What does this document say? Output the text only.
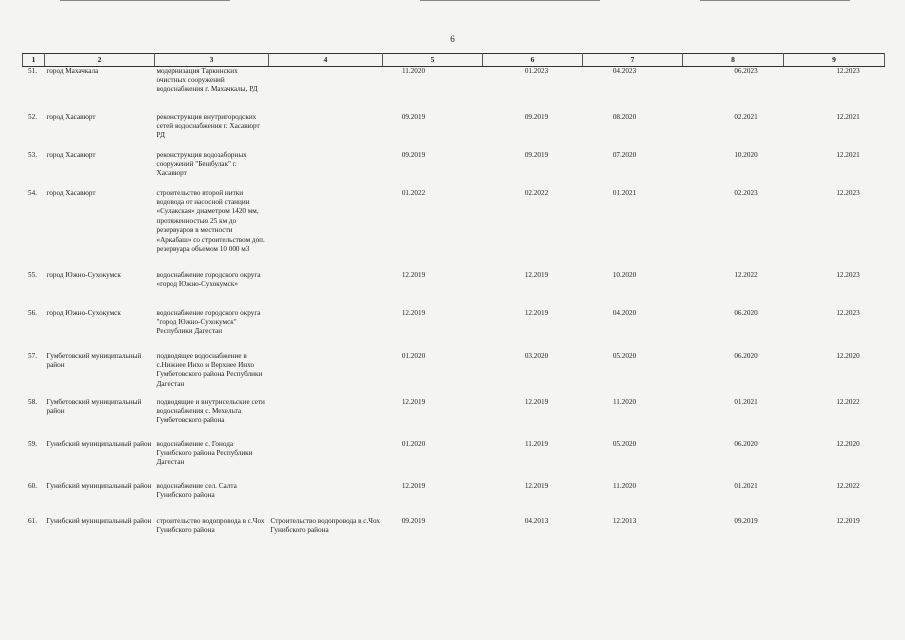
6
1	2	3	4	5	6	7	8	9
51.	город Махачкала	модернизация Таркинских очистных сооружений водоснабжения г. Махачкалы, РД		11.2020	01.2023	04.2023	06.2023	12.2023
52.	город Хасавюрт	реконструкция внутригородских сетей водоснабжения г. Хасавюрт РД		09.2019	09.2019	08.2020	02.2021	12.2021
53.	город Хасавюрт	реконструкция водозаборных сооружений "Бешбулак" г. Хасавюрт		09.2019	09.2019	07.2020	10.2020	12.2021
54.	город Хасавюрт	строительство второй нитки водовода от насосной станции «Сулакская» диаметром 1420 мм, протяженностью 25 км до резервуаров в местности «Аркабаш» со строительством доп. резервуара объемом 10 000 м3		01.2022	02.2022	01.2021	02.2023	12.2023
55.	город Южно-Сухокумск	водоснабжение городского округа «город Южно-Сухокумск»		12.2019	12.2019	10.2020	12.2022	12.2023
56.	город Южно-Сухокумск	водоснабжение городского округа "город Южно-Сухокумск" Республики Дагестан		12.2019	12.2019	04.2020	06.2020	12.2023
57.	Гумбетовский муниципальный район	подводящее водоснабжение в с.Нижнее Инхо и Верхнее Инхо Гумбетовского района Республики Дагестан		01.2020	03.2020	05.2020	06.2020	12.2020
58.	Гумбетовский муниципальный район	подводящие и внутрисельские сети водоснабжения с. Мехельта Гумбетовского района		12.2019	12.2019	11.2020	01.2021	12.2022
59.	Гунибский муниципальный район	водоснабжение с. Гонода Гунибского района Республики Дагестан		01.2020	11.2019	05.2020	06.2020	12.2020
60.	Гунибский муниципальный район	водоснабжение сел. Салта Гунибского района		12.2019	12.2019	11.2020	01.2021	12.2022
61.	Гунибский муниципальный район	строительство водопровода в с.Чох Гунибского района	Строительство водопровода в с.Чох Гунибского района	09.2019	04.2013	12.2013	09.2019	12.2019
